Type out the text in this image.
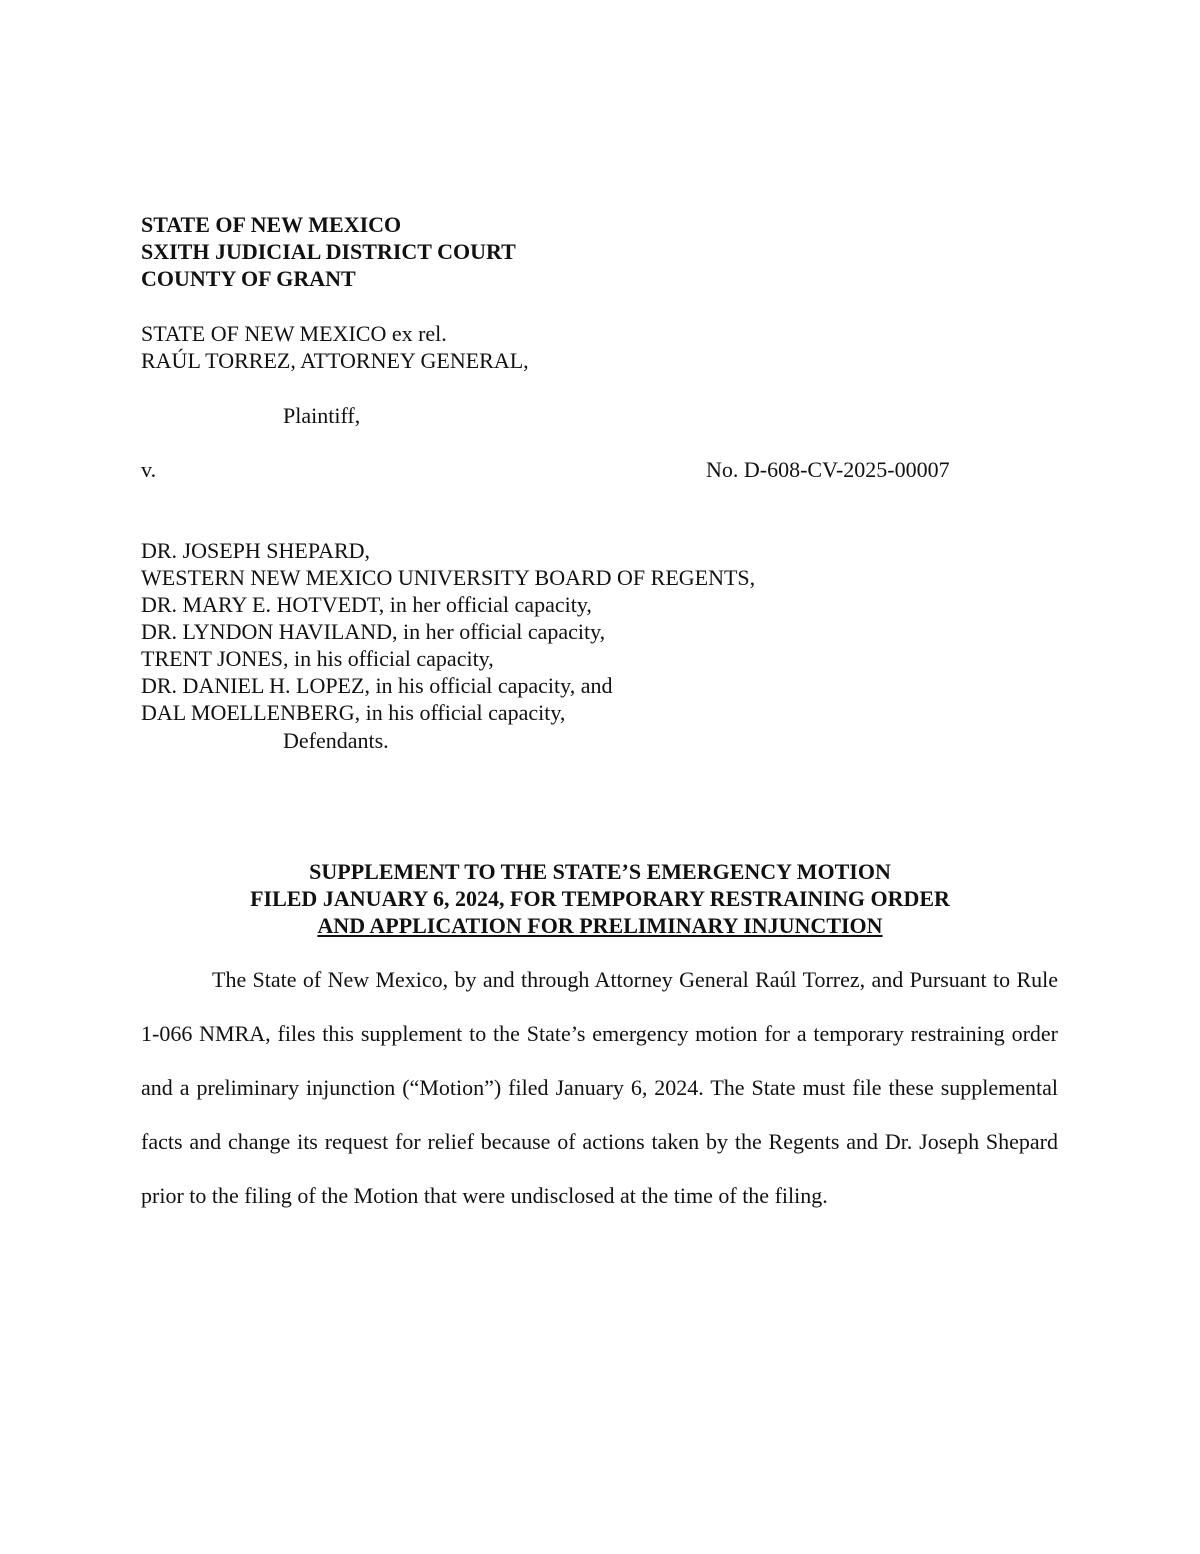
STATE OF NEW MEXICO
SXITH JUDICIAL DISTRICT COURT
COUNTY OF GRANT
STATE OF NEW MEXICO ex rel.
RAÚL TORREZ, ATTORNEY GENERAL,
Plaintiff,
v.	No. D-608-CV-2025-00007
DR. JOSEPH SHEPARD,
WESTERN NEW MEXICO UNIVERSITY BOARD OF REGENTS,
DR. MARY E. HOTVEDT, in her official capacity,
DR. LYNDON HAVILAND, in her official capacity,
TRENT JONES, in his official capacity,
DR. DANIEL H. LOPEZ, in his official capacity, and
DAL MOELLENBERG, in his official capacity,
Defendants.
SUPPLEMENT TO THE STATE’S EMERGENCY MOTION
FILED JANUARY 6, 2024, FOR TEMPORARY RESTRAINING ORDER
AND APPLICATION FOR PRELIMINARY INJUNCTION
The State of New Mexico, by and through Attorney General Raúl Torrez, and Pursuant to Rule 1-066 NMRA, files this supplement to the State’s emergency motion for a temporary restraining order and a preliminary injunction (“Motion”) filed January 6, 2024. The State must file these supplemental facts and change its request for relief because of actions taken by the Regents and Dr. Joseph Shepard prior to the filing of the Motion that were undisclosed at the time of the filing.
